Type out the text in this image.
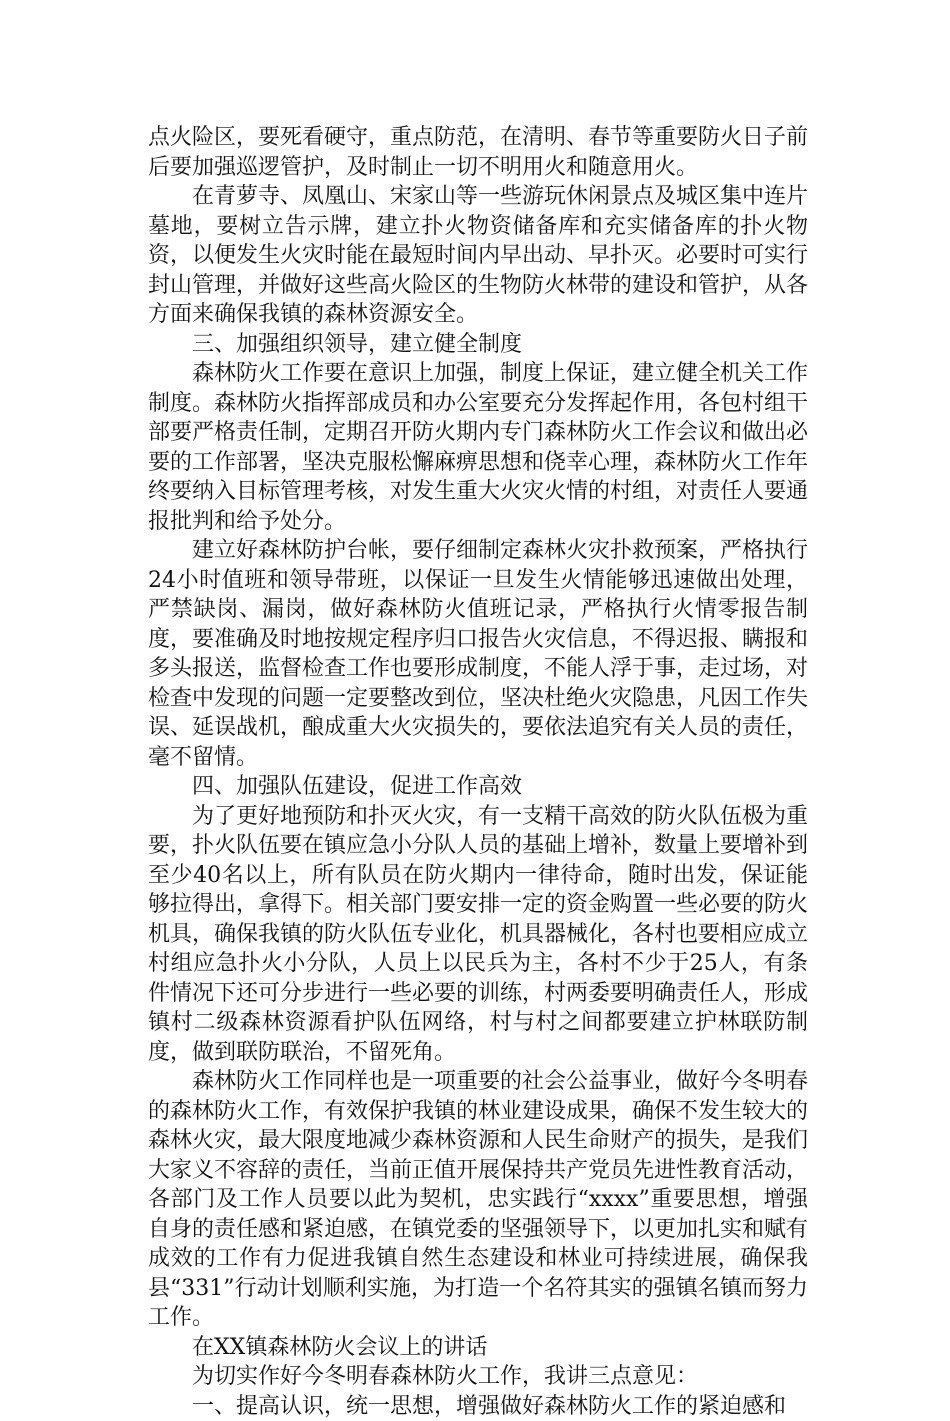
点火险区，要死看硬守，重点防范，在清明、春节等重要防火日子前后要加强巡逻管护，及时制止一切不明用火和随意用火。

在青萝寺、凤凰山、宋家山等一些游玩休闲景点及城区集中连片墓地，要树立告示牌，建立扑火物资储备库和充实储备库的扑火物资，以便发生火灾时能在最短时间内早出动、早扑灭。必要时可实行封山管理，并做好这些高火险区的生物防火林带的建设和管护，从各方面来确保我镇的森林资源安全。

三、加强组织领导，建立健全制度

森林防火工作要在意识上加强，制度上保证，建立健全机关工作制度。森林防火指挥部成员和办公室要充分发挥起作用，各包村组干部要严格责任制，定期召开防火期内专门森林防火工作会议和做出必要的工作部署，坚决克服松懈麻痹思想和侥幸心理，森林防火工作年终要纳入目标管理考核，对发生重大火灾火情的村组，对责任人要通报批判和给予处分。

建立好森林防护台帐，要仔细制定森林火灾扑救预案，严格执行24小时值班和领导带班，以保证一旦发生火情能够迅速做出处理，严禁缺岗、漏岗，做好森林防火值班记录，严格执行火情零报告制度，要准确及时地按规定程序归口报告火灾信息，不得迟报、瞒报和多头报送，监督检查工作也要形成制度，不能人浮于事，走过场，对检查中发现的问题一定要整改到位，坚决杜绝火灾隐患，凡因工作失误、延误战机，酿成重大火灾损失的，要依法追究有关人员的责任，毫不留情。

四、加强队伍建设，促进工作高效

为了更好地预防和扑灭火灾，有一支精干高效的防火队伍极为重要，扑火队伍要在镇应急小分队人员的基础上增补，数量上要增补到至少40名以上，所有队员在防火期内一律待命，随时出发，保证能够拉得出，拿得下。相关部门要安排一定的资金购置一些必要的防火机具，确保我镇的防火队伍专业化，机具器械化，各村也要相应成立村组应急扑火小分队，人员上以民兵为主，各村不少于25人，有条件情况下还可分步进行一些必要的训练，村两委要明确责任人，形成镇村二级森林资源看护队伍网络，村与村之间都要建立护林联防制度，做到联防联治，不留死角。

森林防火工作同样也是一项重要的社会公益事业，做好今冬明春的森林防火工作，有效保护我镇的林业建设成果，确保不发生较大的森林火灾，最大限度地减少森林资源和人民生命财产的损失，是我们大家义不容辞的责任，当前正值开展保持共产党员先进性教育活动，各部门及工作人员要以此为契机，忠实践行“xxxx”重要思想，增强自身的责任感和紧迫感，在镇党委的坚强领导下，以更加扎实和赋有成效的工作有力促进我镇自然生态建设和林业可持续进展，确保我县“331”行动计划顺利实施，为打造一个名符其实的强镇名镇而努力工作。

在XX镇森林防火会议上的讲话

为切实作好今冬明春森林防火工作，我讲三点意见：

一、提高认识，统一思想，增强做好森林防火工作的紧迫感和
